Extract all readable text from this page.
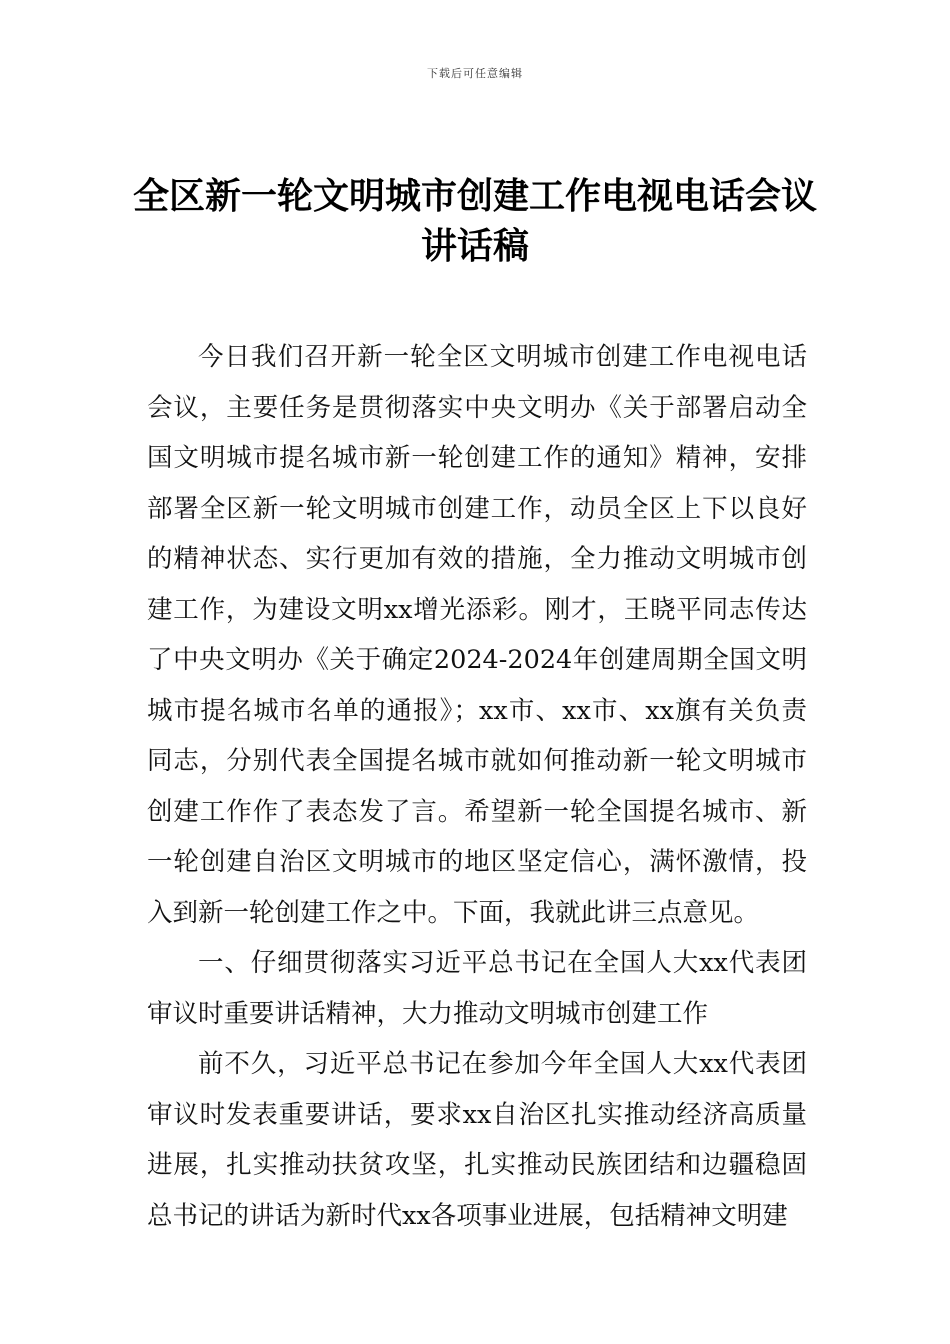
下载后可任意编辑
全区新一轮文明城市创建工作电视电话会议讲话稿

今日我们召开新一轮全区文明城市创建工作电视电话会议，主要任务是贯彻落实中央文明办《关于部署启动全国文明城市提名城市新一轮创建工作的通知》精神，安排部署全区新一轮文明城市创建工作，动员全区上下以良好的精神状态、实行更加有效的措施，全力推动文明城市创建工作，为建设文明xx增光添彩。刚才，王晓平同志传达了中央文明办《关于确定2024-2024年创建周期全国文明城市提名城市名单的通报》；xx市、xx市、xx旗有关负责同志，分别代表全国提名城市就如何推动新一轮文明城市创建工作作了表态发了言。希望新一轮全国提名城市、新一轮创建自治区文明城市的地区坚定信心，满怀激情，投入到新一轮创建工作之中。下面，我就此讲三点意见。

一、仔细贯彻落实习近平总书记在全国人大xx代表团审议时重要讲话精神，大力推动文明城市创建工作

前不久，习近平总书记在参加今年全国人大xx代表团审议时发表重要讲话，要求xx自治区扎实推动经济高质量进展，扎实推动扶贫攻坚，扎实推动民族团结和边疆稳固总书记的讲话为新时代xx各项事业进展，包括精神文明建
